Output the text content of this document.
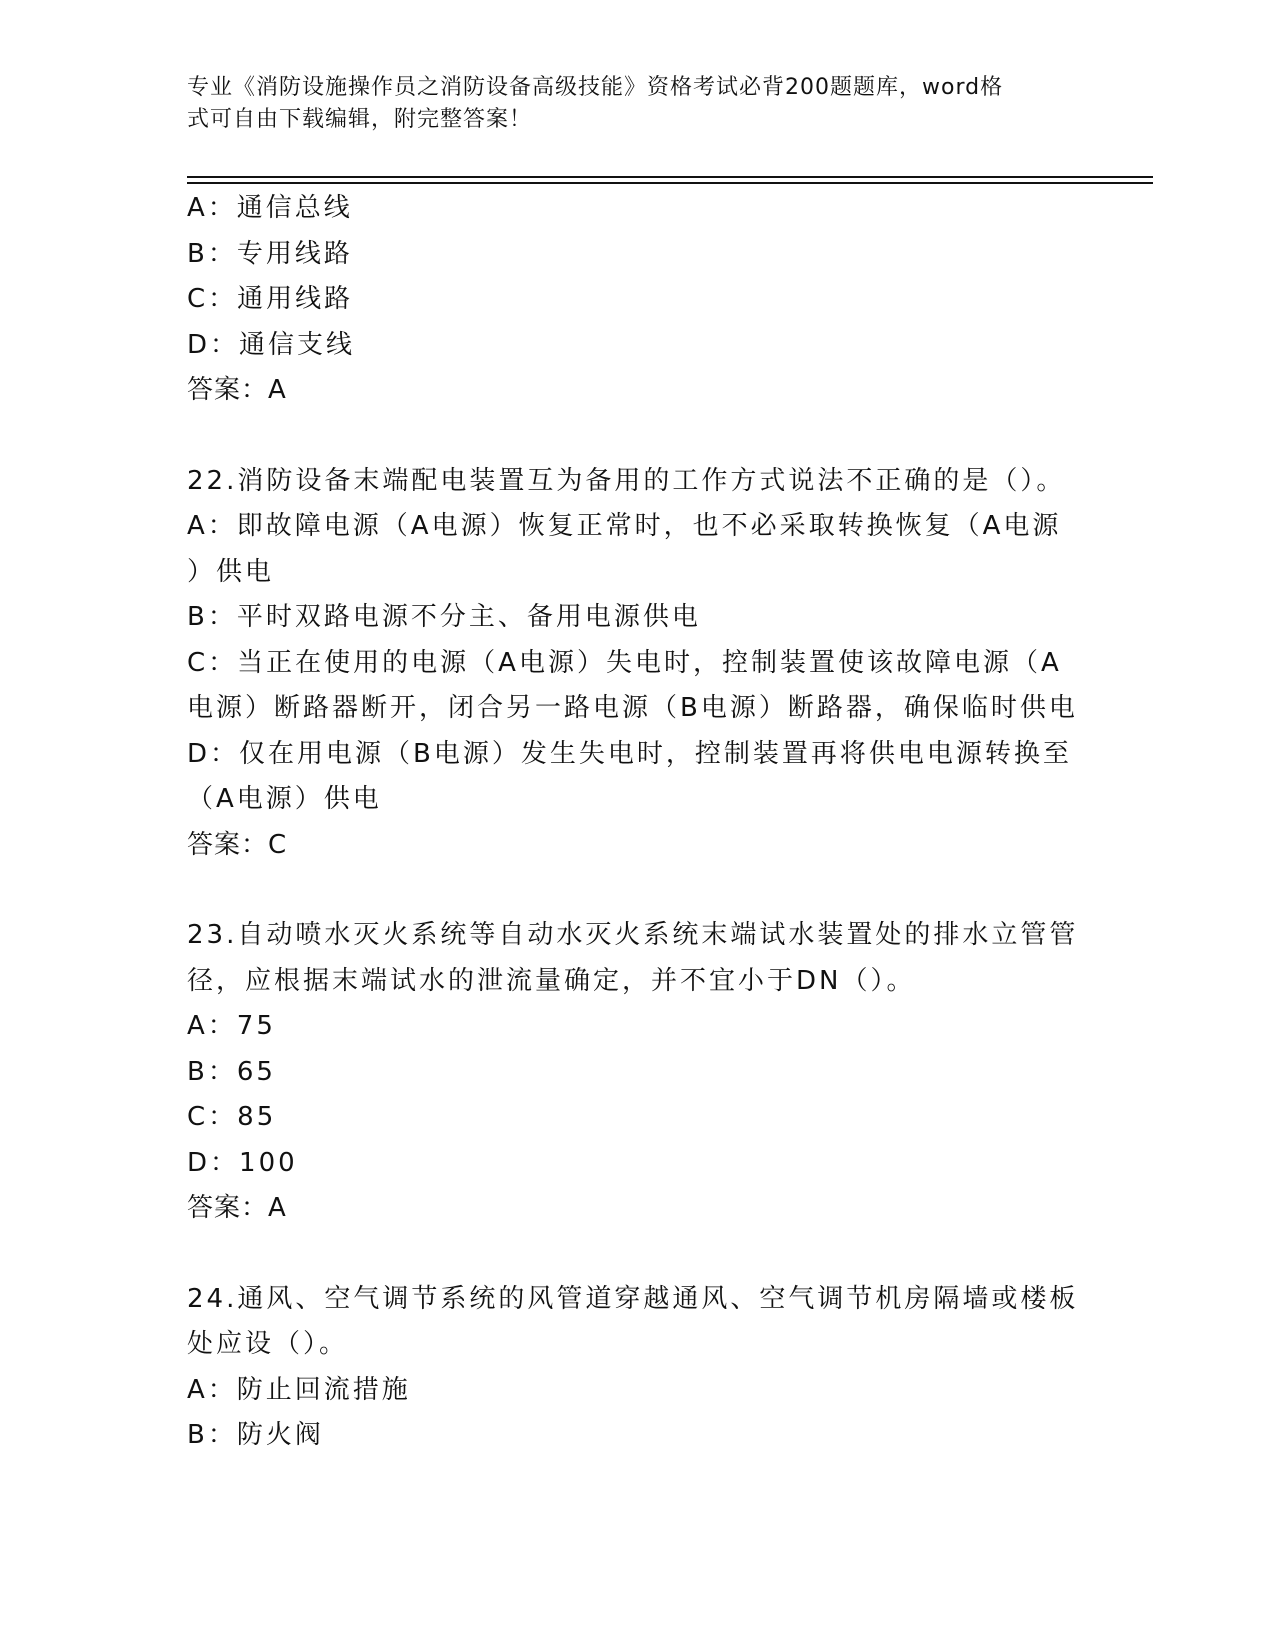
专业《消防设施操作员之消防设备高级技能》资格考试必背200题题库，word格
式可自由下载编辑，附完整答案！
A：通信总线
B：专用线路
C：通用线路
D：通信支线
答案：A
22.消防设备末端配电装置互为备用的工作方式说法不正确的是（）。
A：即故障电源（A电源）恢复正常时，也不必采取转换恢复（A电源
）供电
B：平时双路电源不分主、备用电源供电
C：当正在使用的电源（A电源）失电时，控制装置使该故障电源（A
电源）断路器断开，闭合另一路电源（B电源）断路器，确保临时供电
D：仅在用电源（B电源）发生失电时，控制装置再将供电电源转换至
（A电源）供电
答案：C
23.自动喷水灭火系统等自动水灭火系统末端试水装置处的排水立管管
径，应根据末端试水的泄流量确定，并不宜小于DN（）。
A：75
B：65
C：85
D：100
答案：A
24.通风、空气调节系统的风管道穿越通风、空气调节机房隔墙或楼板
处应设（）。
A：防止回流措施
B：防火阀
